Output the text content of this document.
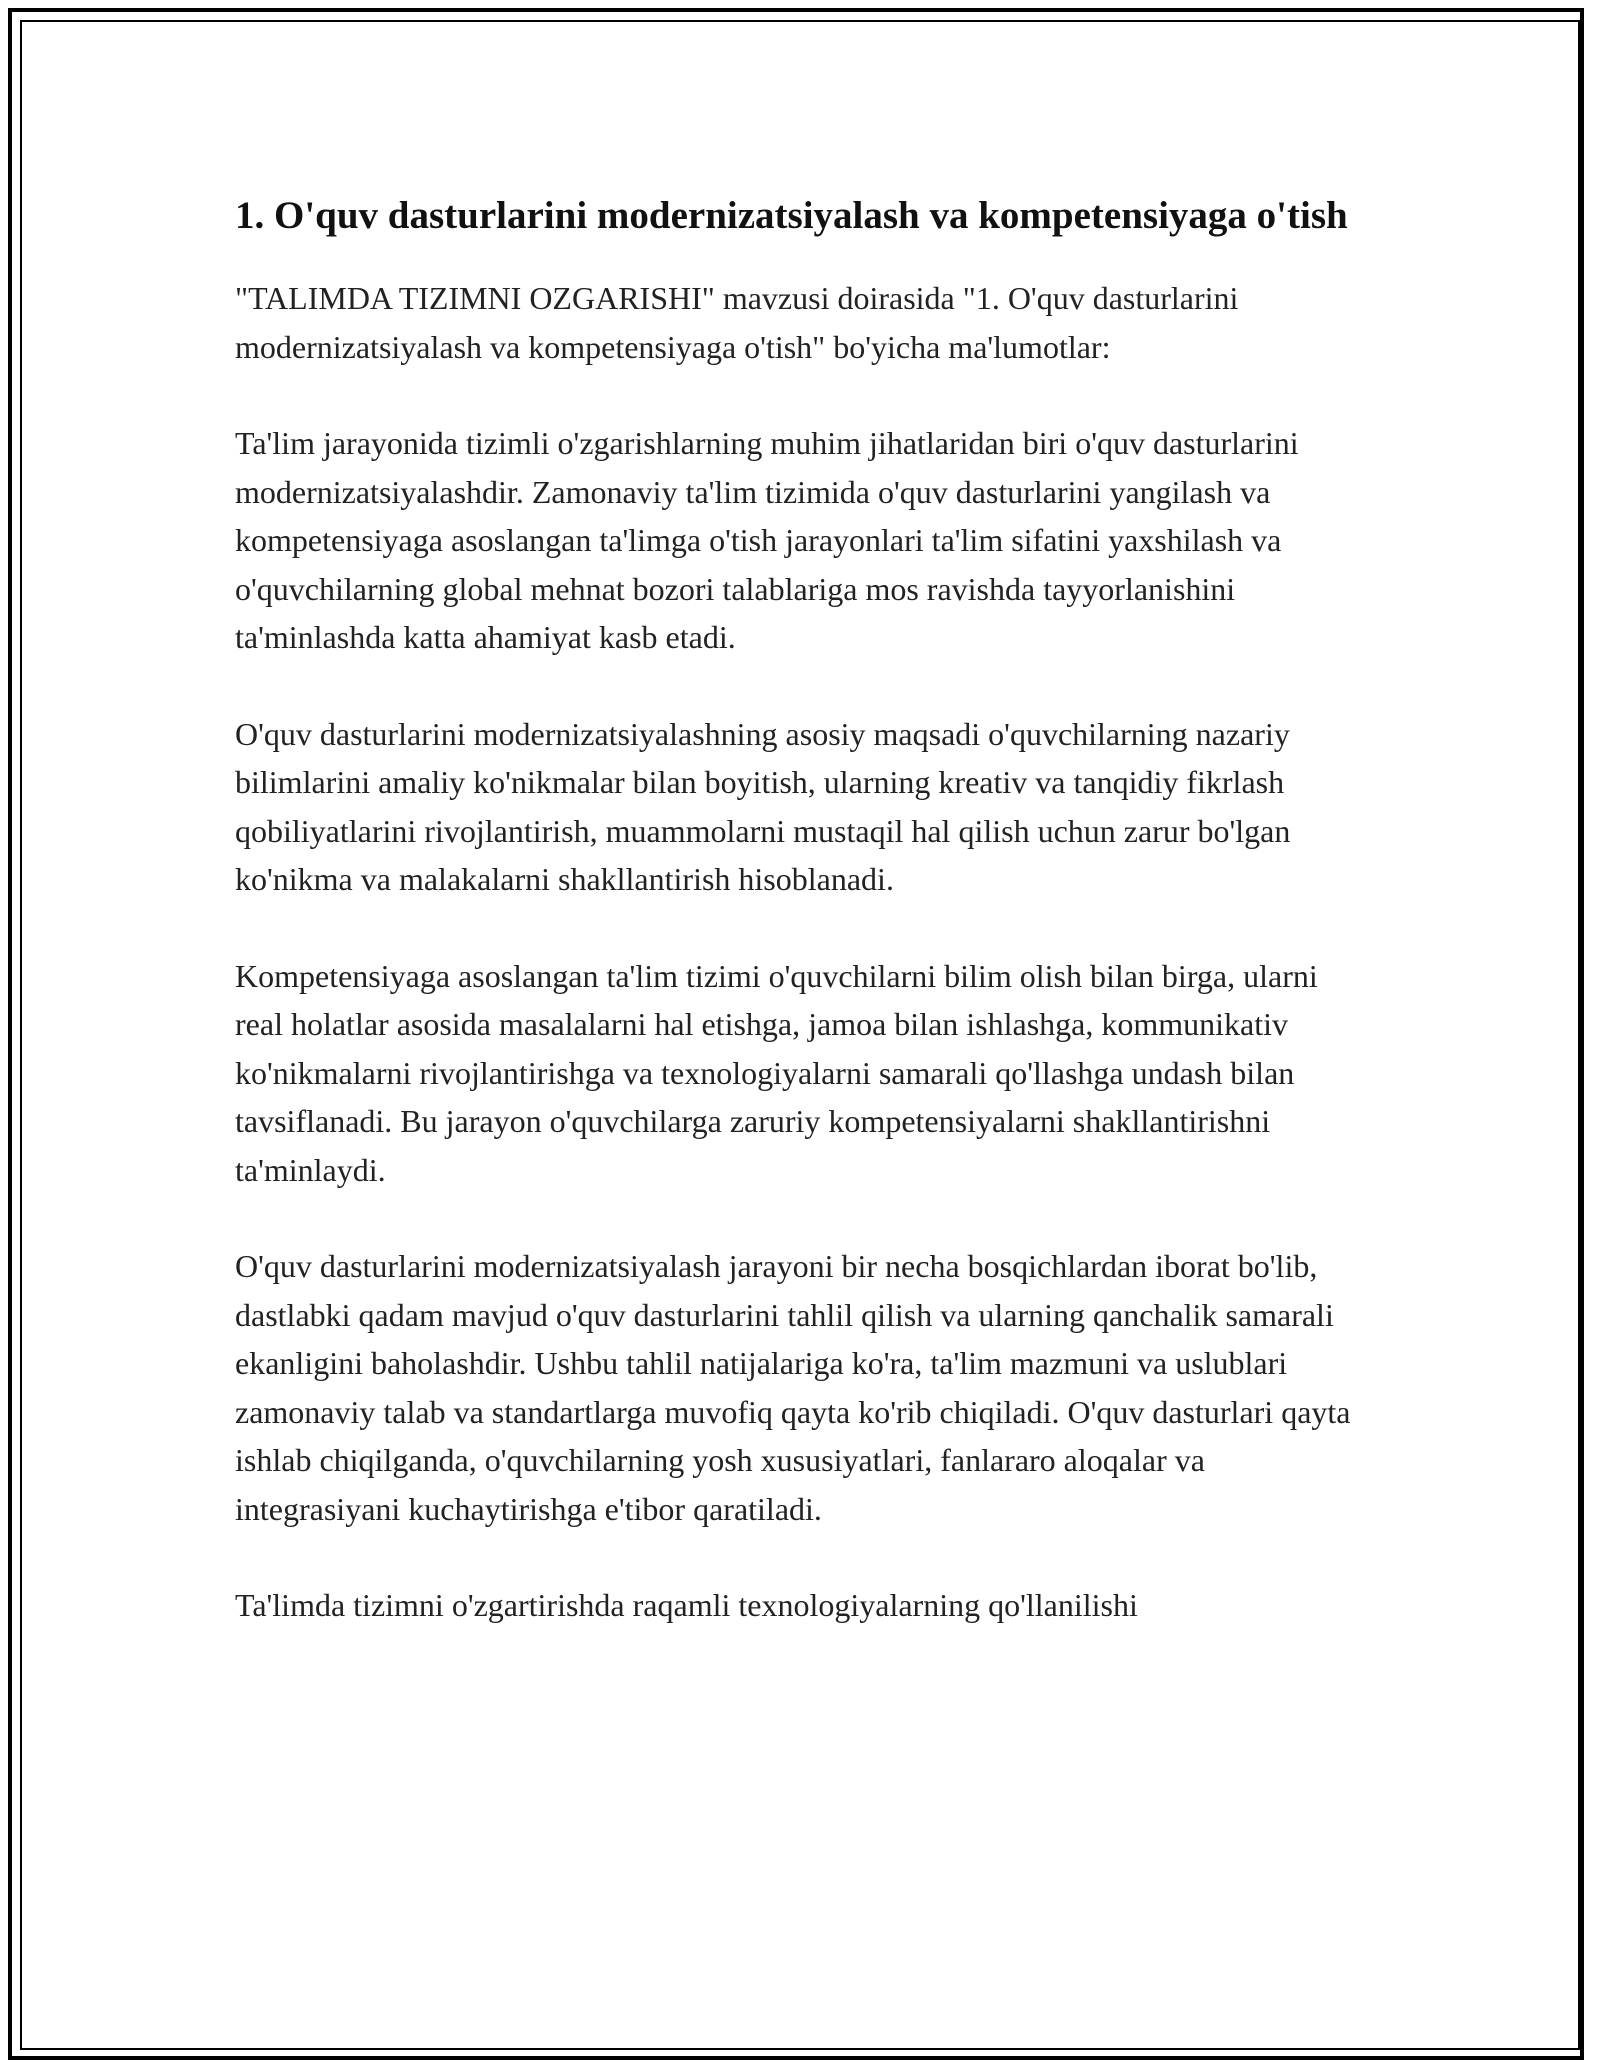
1. O'quv dasturlarini modernizatsiyalash va kompetensiyaga o'tish

"TALIMDA TIZIMNI OZGARISHI" mavzusi doirasida "1. O'quv dasturlarini modernizatsiyalash va kompetensiyaga o'tish" bo'yicha ma'lumotlar:

Ta'lim jarayonida tizimli o'zgarishlarning muhim jihatlaridan biri o'quv dasturlarini modernizatsiyalashdir. Zamonaviy ta'lim tizimida o'quv dasturlarini yangilash va kompetensiyaga asoslangan ta'limga o'tish jarayonlari ta'lim sifatini yaxshilash va o'quvchilarning global mehnat bozori talablariga mos ravishda tayyorlanishini ta'minlashda katta ahamiyat kasb etadi.

O'quv dasturlarini modernizatsiyalashning asosiy maqsadi o'quvchilarning nazariy bilimlarini amaliy ko'nikmalar bilan boyitish, ularning kreativ va tanqidiy fikrlash qobiliyatlarini rivojlantirish, muammolarni mustaqil hal qilish uchun zarur bo'lgan ko'nikma va malakalarni shakllantirish hisoblanadi.

Kompetensiyaga asoslangan ta'lim tizimi o'quvchilarni bilim olish bilan birga, ularni real holatlar asosida masalalarni hal etishga, jamoa bilan ishlashga, kommunikativ ko'nikmalarni rivojlantirishga va texnologiyalarni samarali qo'llashga undash bilan tavsiflanadi. Bu jarayon o'quvchilarga zaruriy kompetensiyalarni shakllantirishni ta'minlaydi.

O'quv dasturlarini modernizatsiyalash jarayoni bir necha bosqichlardan iborat bo'lib, dastlabki qadam mavjud o'quv dasturlarini tahlil qilish va ularning qanchalik samarali ekanligini baholashdir. Ushbu tahlil natijalariga ko'ra, ta'lim mazmuni va uslublari zamonaviy talab va standartlarga muvofiq qayta ko'rib chiqiladi. O'quv dasturlari qayta ishlab chiqilganda, o'quvchilarning yosh xususiyatlari, fanlararo aloqalar va integrasiyani kuchaytirishga e'tibor qaratiladi.

Ta'limda tizimni o'zgartirishda raqamli texnologiyalarning qo'llanilishi
